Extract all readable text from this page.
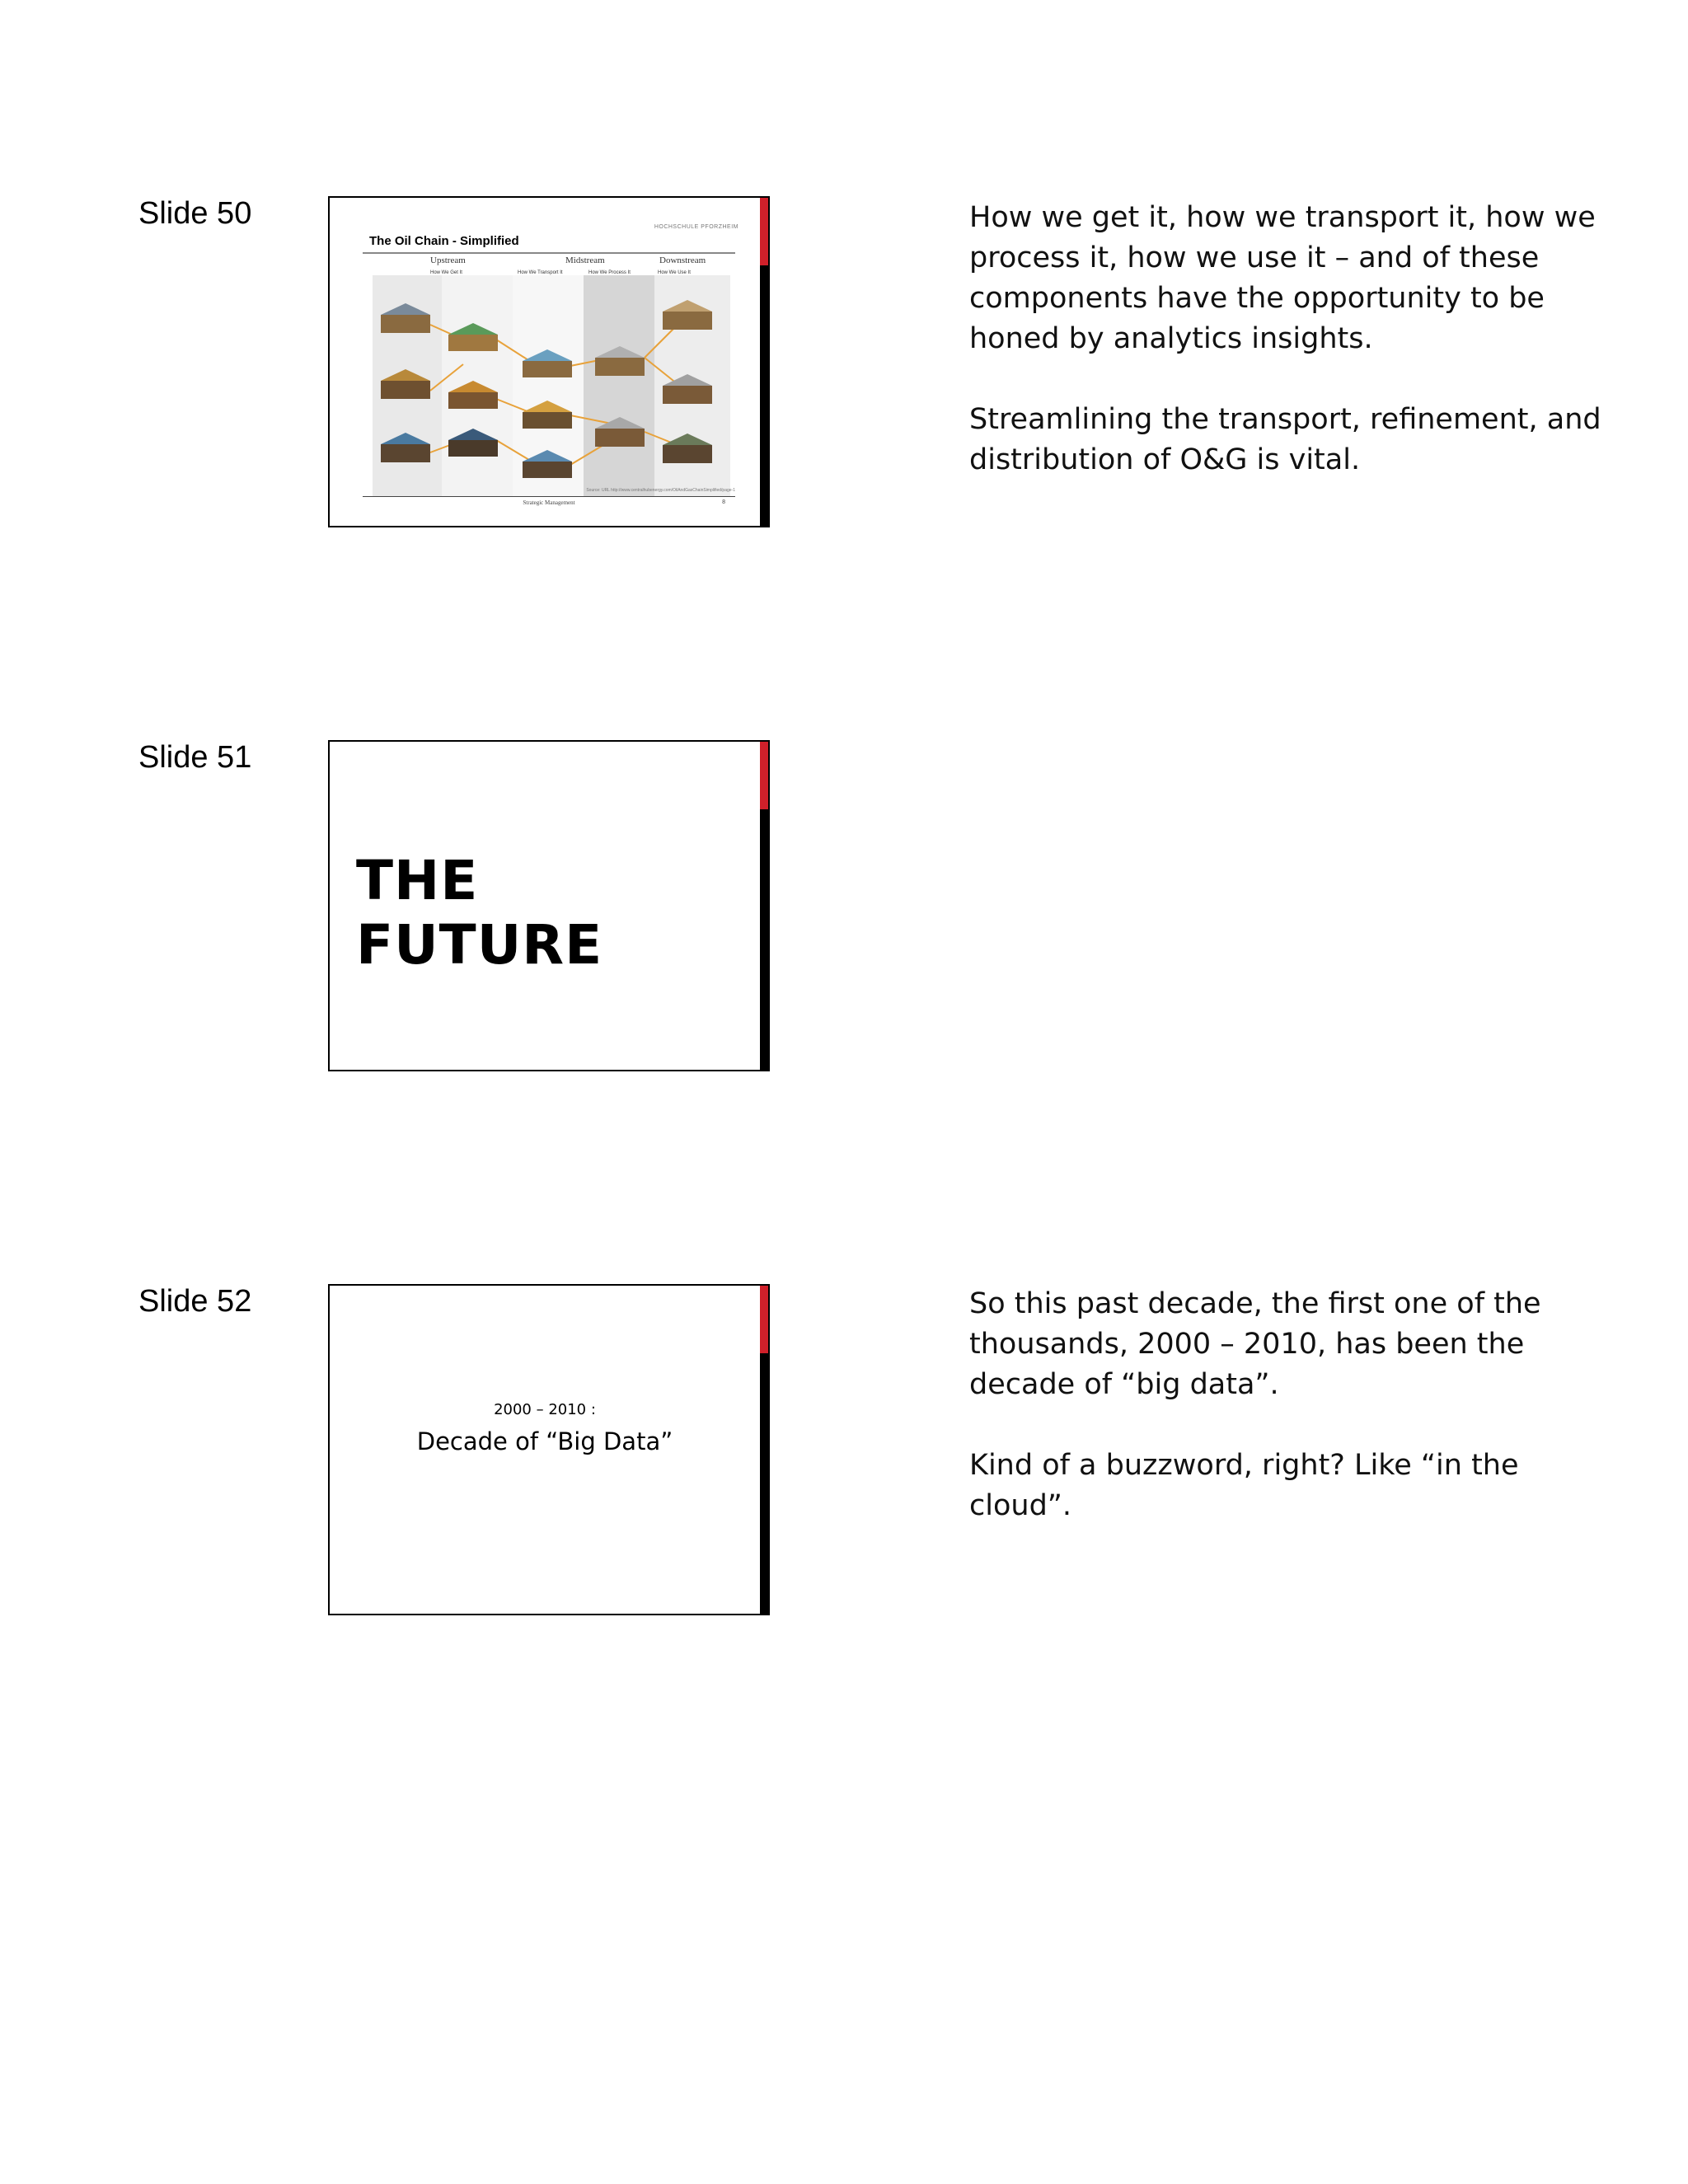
Slide 50	HOCHSCHULE PFORZHEIM
The Oil Chain - Simplified
Upstream	Midstream	Downstream
How We Get It	How We Transport It	How We Process It	How We Use It
Source: URL http://www.centralhubenergy.com/OilAndGasChainSimplified/page-1
Strategic Management	8

How we get it, how we transport it, how we process it, how we use it – and of these components have the opportunity to be honed by analytics insights.

Streamlining the transport, refinement, and distribution of O&G is vital.

Slide 51
THE
FUTURE
Slide 52
2000 – 2010 :
Decade of “Big Data”

So this past decade, the first one of the thousands, 2000 – 2010, has been the decade of “big data”.

Kind of a buzzword, right? Like “in the cloud”.
